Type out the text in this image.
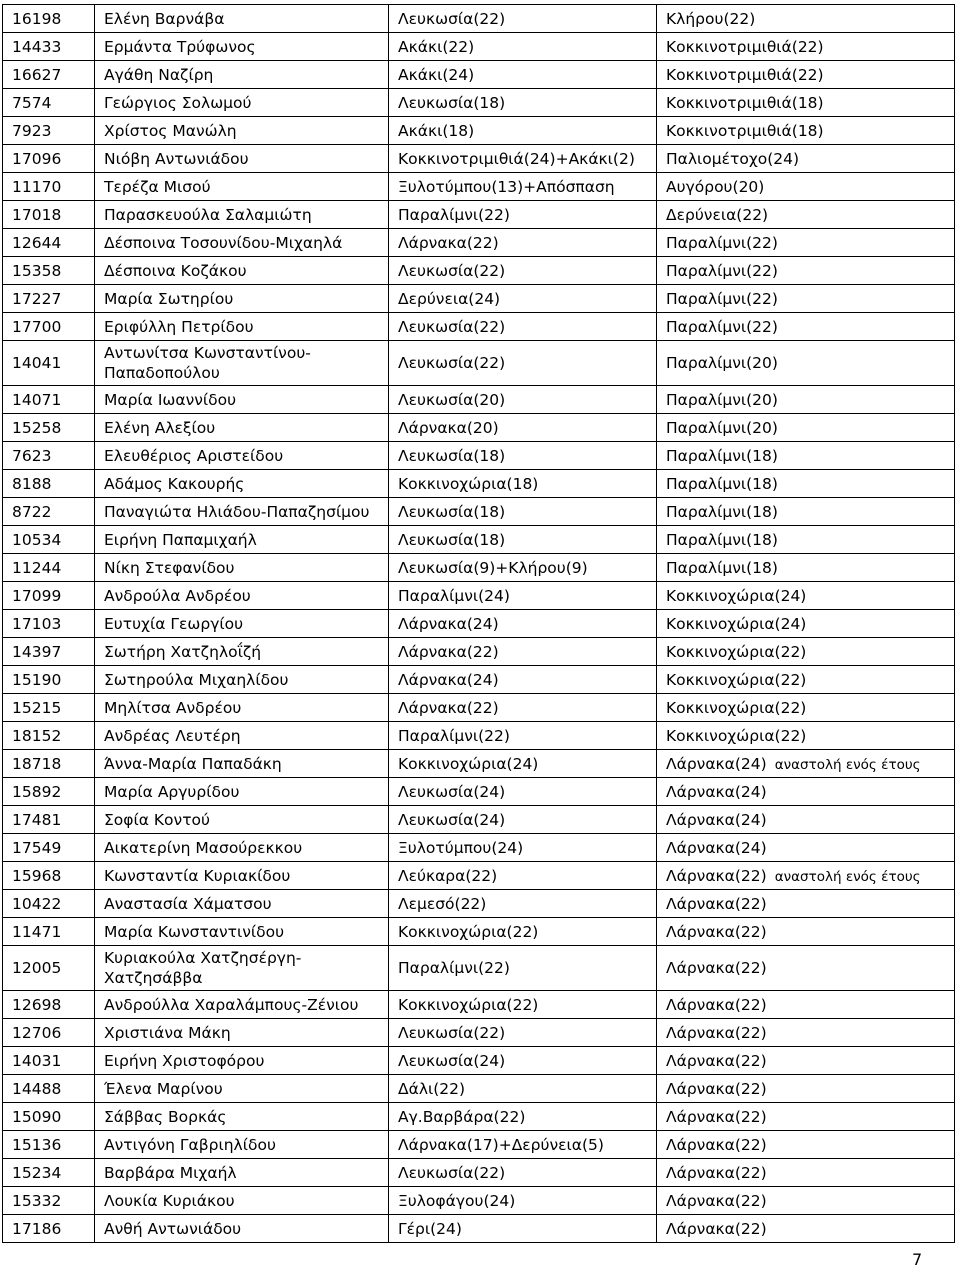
16198	Ελένη Βαρνάβα	Λευκωσία(22)	Κλήρου(22)
14433	Ερμάντα Τρύφωνος	Ακάκι(22)	Κοκκινοτριμιθιά(22)
16627	Αγάθη Ναζίρη	Ακάκι(24)	Κοκκινοτριμιθιά(22)
7574	Γεώργιος Σολωμού	Λευκωσία(18)	Κοκκινοτριμιθιά(18)
7923	Χρίστος Μανώλη	Ακάκι(18)	Κοκκινοτριμιθιά(18)
17096	Νιόβη Αντωνιάδου	Κοκκινοτριμιθιά(24)+Ακάκι(2)	Παλιομέτοχο(24)
11170	Τερέζα Μισού	Ξυλοτύμπου(13)+Απόσπαση	Αυγόρου(20)
17018	Παρασκευούλα Σαλαμιώτη	Παραλίμνι(22)	Δερύνεια(22)
12644	Δέσποινα Τοσουνίδου-Μιχαηλά	Λάρνακα(22)	Παραλίμνι(22)
15358	Δέσποινα Κοζάκου	Λευκωσία(22)	Παραλίμνι(22)
17227	Μαρία Σωτηρίου	Δερύνεια(24)	Παραλίμνι(22)
17700	Εριφύλλη Πετρίδου	Λευκωσία(22)	Παραλίμνι(22)
14041	Αντωνίτσα Κωνσταντίνου-Παπαδοπούλου	Λευκωσία(22)	Παραλίμνι(20)
14071	Μαρία Ιωαννίδου	Λευκωσία(20)	Παραλίμνι(20)
15258	Ελένη Αλεξίου	Λάρνακα(20)	Παραλίμνι(20)
7623	Ελευθέριος Αριστείδου	Λευκωσία(18)	Παραλίμνι(18)
8188	Αδάμος Κακουρής	Κοκκινοχώρια(18)	Παραλίμνι(18)
8722	Παναγιώτα Ηλιάδου-Παπαζησίμου	Λευκωσία(18)	Παραλίμνι(18)
10534	Ειρήνη Παπαμιχαήλ	Λευκωσία(18)	Παραλίμνι(18)
11244	Νίκη Στεφανίδου	Λευκωσία(9)+Κλήρου(9)	Παραλίμνι(18)
17099	Ανδρούλα Ανδρέου	Παραλίμνι(24)	Κοκκινοχώρια(24)
17103	Ευτυχία Γεωργίου	Λάρνακα(24)	Κοκκινοχώρια(24)
14397	Σωτήρη Χατζηλοΐζή	Λάρνακα(22)	Κοκκινοχώρια(22)
15190	Σωτηρούλα Μιχαηλίδου	Λάρνακα(24)	Κοκκινοχώρια(22)
15215	Μηλίτσα Ανδρέου	Λάρνακα(22)	Κοκκινοχώρια(22)
18152	Ανδρέας Λευτέρη	Παραλίμνι(22)	Κοκκινοχώρια(22)
18718	Άννα-Μαρία Παπαδάκη	Κοκκινοχώρια(24)	Λάρνακα(24) αναστολή ενός έτους
15892	Μαρία Αργυρίδου	Λευκωσία(24)	Λάρνακα(24)
17481	Σοφία Κοντού	Λευκωσία(24)	Λάρνακα(24)
17549	Αικατερίνη Μασούρεκκου	Ξυλοτύμπου(24)	Λάρνακα(24)
15968	Κωνσταντία Κυριακίδου	Λεύκαρα(22)	Λάρνακα(22) αναστολή ενός έτους
10422	Αναστασία Χάματσου	Λεμεσό(22)	Λάρνακα(22)
11471	Μαρία Κωνσταντινίδου	Κοκκινοχώρια(22)	Λάρνακα(22)
12005	Κυριακούλα Χατζησέργη-Χατζησάββα	Παραλίμνι(22)	Λάρνακα(22)
12698	Ανδρούλλα Χαραλάμπους-Ζένιου	Κοκκινοχώρια(22)	Λάρνακα(22)
12706	Χριστιάνα Μάκη	Λευκωσία(22)	Λάρνακα(22)
14031	Ειρήνη Χριστοφόρου	Λευκωσία(24)	Λάρνακα(22)
14488	Έλενα Μαρίνου	Δάλι(22)	Λάρνακα(22)
15090	Σάββας Βορκάς	Αγ.Βαρβάρα(22)	Λάρνακα(22)
15136	Αντιγόνη Γαβριηλίδου	Λάρνακα(17)+Δερύνεια(5)	Λάρνακα(22)
15234	Βαρβάρα Μιχαήλ	Λευκωσία(22)	Λάρνακα(22)
15332	Λουκία Κυριάκου	Ξυλοφάγου(24)	Λάρνακα(22)
17186	Ανθή Αντωνιάδου	Γέρι(24)	Λάρνακα(22)
7
